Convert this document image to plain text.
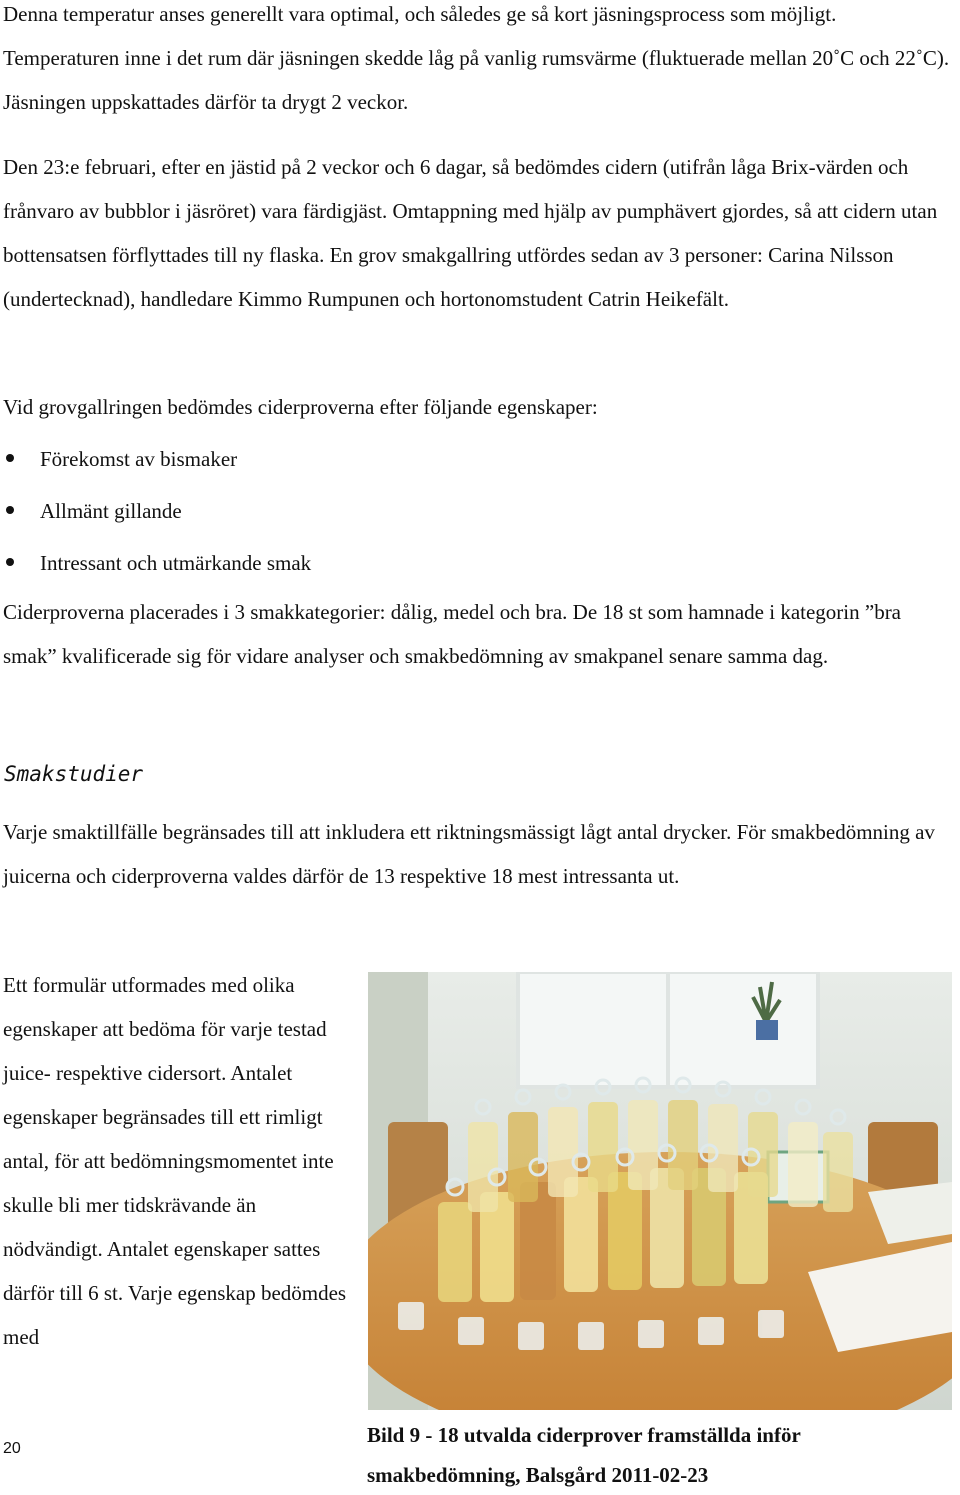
Denna temperatur anses generellt vara optimal, och således ge så kort jäsningsprocess som möjligt. Temperaturen inne i det rum där jäsningen skedde låg på vanlig rumsvärme (fluktuerade mellan 20˚C och 22˚C). Jäsningen uppskattades därför ta drygt 2 veckor.

Den 23:e februari, efter en jästid på 2 veckor och 6 dagar, så bedömdes cidern (utifrån låga Brix-värden och frånvaro av bubblor i jäsröret) vara färdigjäst. Omtappning med hjälp av pumphävert gjordes, så att cidern utan bottensatsen förflyttades till ny flaska. En grov smakgallring utfördes sedan av 3 personer: Carina Nilsson (undertecknad), handledare Kimmo Rumpunen och hortonomstudent Catrin Heikefält.

Vid grovgallringen bedömdes ciderproverna efter följande egenskaper:

Förekomst av bismaker
Allmänt gillande
Intressant och utmärkande smak

Ciderproverna placerades i 3 smakkategorier: dålig, medel och bra. De 18 st som hamnade i kategorin ”bra smak” kvalificerade sig för vidare analyser och smakbedömning av smakpanel senare samma dag.

Smakstudier

Varje smaktillfälle begränsades till att inkludera ett riktningsmässigt lågt antal drycker. För smakbedömning av juicerna och ciderproverna valdes därför de 13 respektive 18 mest intressanta ut.

Ett formulär utformades med olika egenskaper att bedöma för varje testad juice- respektive cidersort. Antalet egenskaper begränsades till ett rimligt antal, för att bedömningsmomentet inte skulle bli mer tidskrävande än nödvändigt. Antalet egenskaper sattes därför till 6 st. Varje egenskap bedömdes med

Bild 9 - 18 utvalda ciderprover framställda inför smakbedömning, Balsgård 2011-02-23

20
